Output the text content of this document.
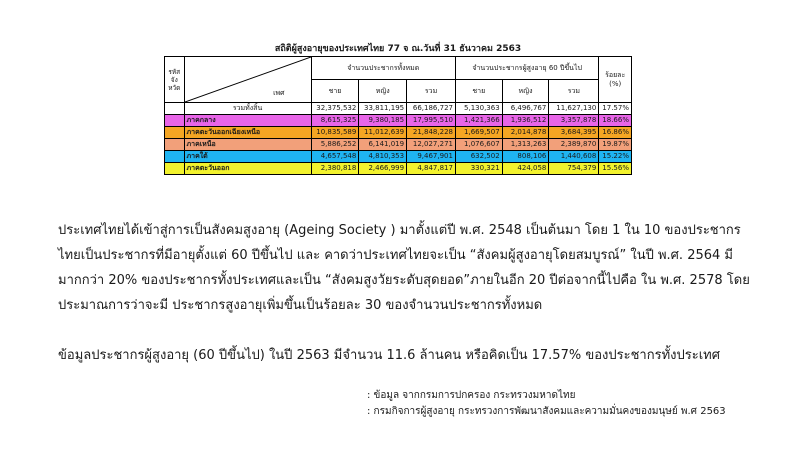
สถิติผู้สูงอายุของประเทศไทย 77 จ ณ.วันที่ 31 ธันวาคม 2563
รหัส จัง หวัด	เพศ	จำนวนประชากรทั้งหมด			จำนวนประชากรผู้สูงอายุ 60 ปีขึ้นไป			ร้อยละ (%)
		ชาย	หญิง	รวม	ชาย	หญิง	รวม	
	รวมทั้งสิ้น	32,375,532	33,811,195	66,186,727	5,130,363	6,496,767	11,627,130	17.57%
	ภาคกลาง	8,615,325	9,380,185	17,995,510	1,421,366	1,936,512	3,357,878	18.66%
	ภาคตะวันออกเฉียงเหนือ	10,835,589	11,012,639	21,848,228	1,669,507	2,014,878	3,684,395	16.86%
	ภาคเหนือ	5,886,252	6,141,019	12,027,271	1,076,607	1,313,263	2,389,870	19.87%
	ภาคใต้	4,657,548	4,810,353	9,467,901	632,502	808,106	1,440,608	15.22%
	ภาคตะวันออก	2,380,818	2,466,999	4,847,817	330,321	424,058	754,379	15.56%

ประเทศไทยได้เข้าสู่การเป็นสังคมสูงอายุ (Ageing Society ) มาตั้งแต่ปี พ.ศ. 2548 เป็นต้นมา โดย 1 ใน 10 ของประชากรไทยเป็นประชากรที่มีอายุตั้งแต่ 60 ปีขึ้นไป และ คาดว่าประเทศไทยจะเป็น “สังคมผู้สูงอายุโดยสมบูรณ์” ในปี พ.ศ. 2564 มีมากกว่า 20% ของประชากรทั้งประเทศและเป็น “สังคมสูงวัยระดับสุดยอด”ภายในอีก 20 ปีต่อจากนี้ไปคือ ใน พ.ศ. 2578 โดยประมาณการว่าจะมี ประชากรสูงอายุเพิ่มขึ้นเป็นร้อยละ 30 ของจำนวนประชากรทั้งหมด

ข้อมูลประชากรผู้สูงอายุ (60 ปีขึ้นไป) ในปี 2563 มีจำนวน 11.6 ล้านคน หรือคิดเป็น 17.57% ของประชากรทั้งประเทศ

: ข้อมูล จากกรมการปกครอง กระทรวงมหาดไทย
: กรมกิจการผู้สูงอายุ กระทรวงการพัฒนาสังคมและความมั่นคงของมนุษย์ พ.ศ 2563
